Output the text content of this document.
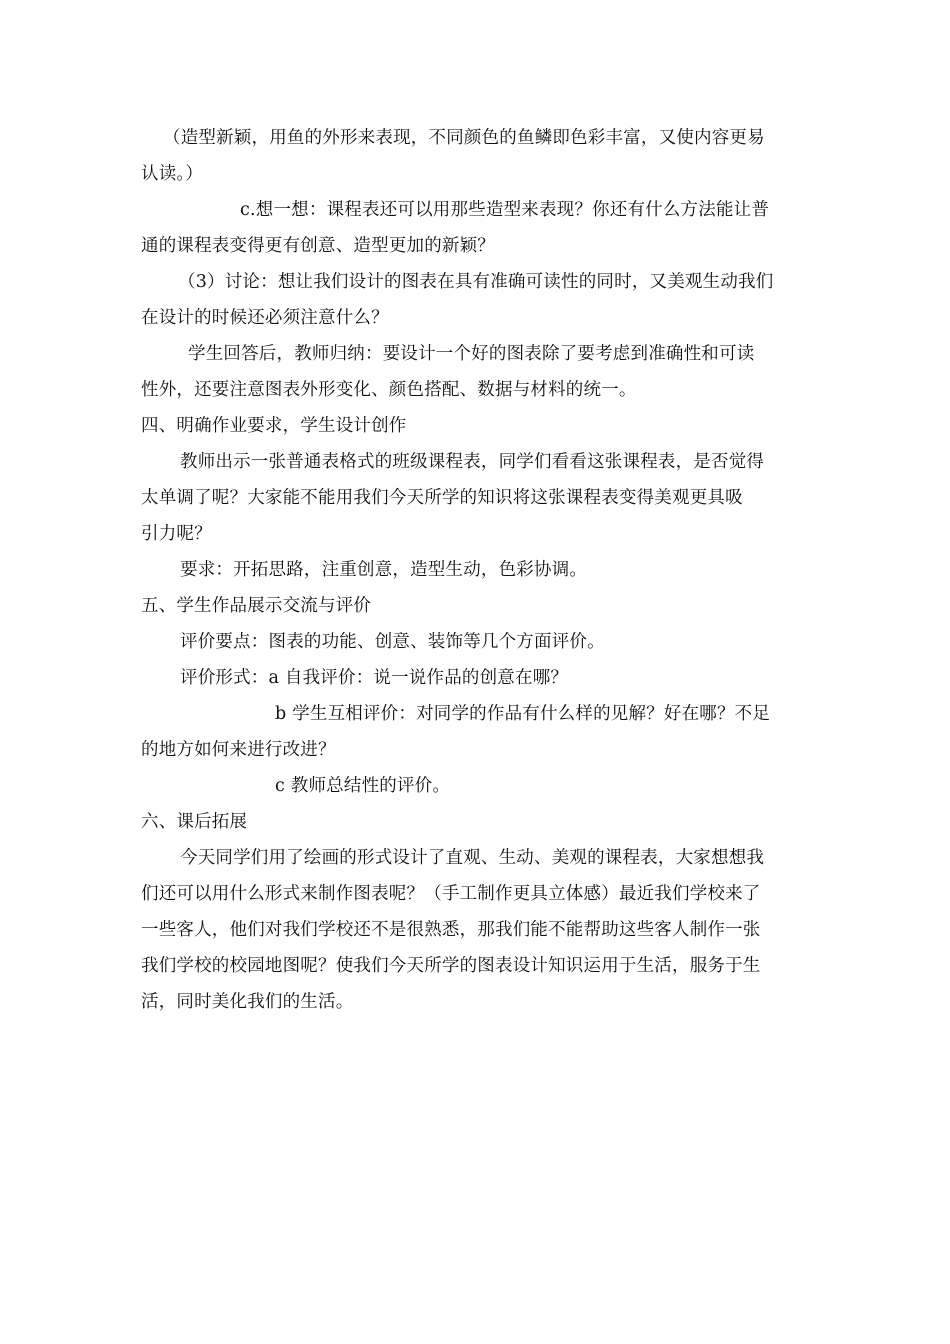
（造型新颖，用鱼的外形来表现，不同颜色的鱼鳞即色彩丰富，又使内容更易
认读。）
c.想一想：课程表还可以用那些造型来表现？你还有什么方法能让普
通的课程表变得更有创意、造型更加的新颖？
（3）讨论：想让我们设计的图表在具有准确可读性的同时，又美观生动我们
在设计的时候还必须注意什么？
学生回答后，教师归纳：要设计一个好的图表除了要考虑到准确性和可读
性外，还要注意图表外形变化、颜色搭配、数据与材料的统一。
四、明确作业要求，学生设计创作
教师出示一张普通表格式的班级课程表，同学们看看这张课程表，是否觉得
太单调了呢？大家能不能用我们今天所学的知识将这张课程表变得美观更具吸
引力呢？
要求：开拓思路，注重创意，造型生动，色彩协调。
五、学生作品展示交流与评价
评价要点：图表的功能、创意、装饰等几个方面评价。
评价形式：a 自我评价：说一说作品的创意在哪？
b 学生互相评价：对同学的作品有什么样的见解？好在哪？不足
的地方如何来进行改进？
c 教师总结性的评价。
六、课后拓展
今天同学们用了绘画的形式设计了直观、生动、美观的课程表，大家想想我
们还可以用什么形式来制作图表呢？（手工制作更具立体感）最近我们学校来了
一些客人，他们对我们学校还不是很熟悉，那我们能不能帮助这些客人制作一张
我们学校的校园地图呢？使我们今天所学的图表设计知识运用于生活，服务于生
活，同时美化我们的生活。
